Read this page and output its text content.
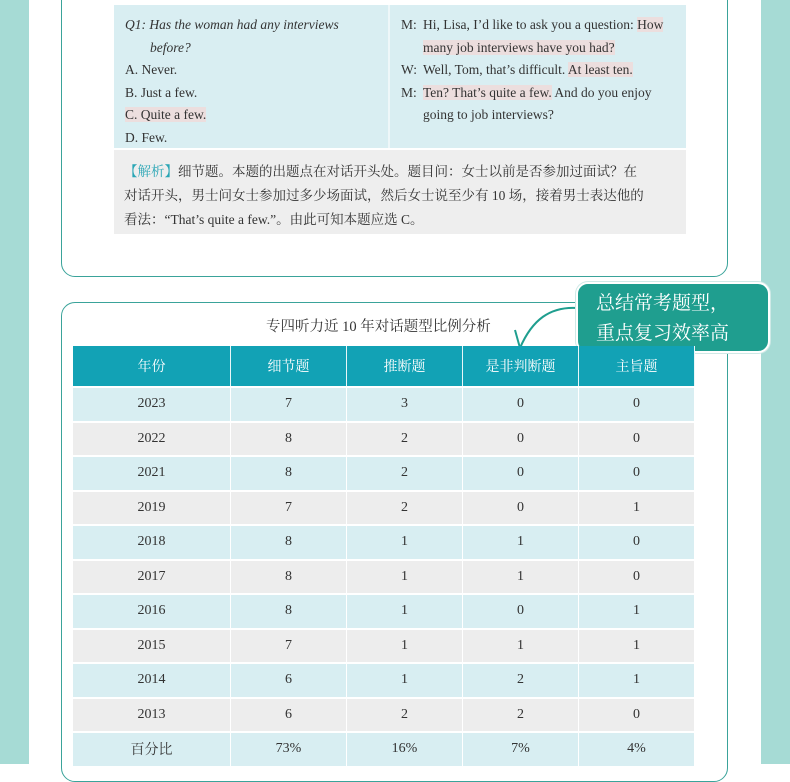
Q1: Has the woman had any interviews
before?
A. Never.
B. Just a few.
C. Quite a few.
D. Few.
M: Hi, Lisa, I’d like to ask you a question: How
many job interviews have you had?
W: Well, Tom, that’s difficult. At least ten.
M: Ten? That’s quite a few. And do you enjoy
going to job interviews?
【解析】细节题。本题的出题点在对话开头处。题目问：女士以前是否参加过面试？在
对话开头，男士问女士参加过多少场面试，然后女士说至少有 10 场，接着男士表达他的
看法：“That’s quite a few.”。由此可知本题应选 C。
专四听力近 10 年对话题型比例分析
总结常考题型，
重点复习效率高
年份	细节题	推断题	是非判断题	主旨题
2023	7	3	0	0
2022	8	2	0	0
2021	8	2	0	0
2019	7	2	0	1
2018	8	1	1	0
2017	8	1	1	0
2016	8	1	0	1
2015	7	1	1	1
2014	6	1	2	1
2013	6	2	2	0
百分比	73%	16%	7%	4%
